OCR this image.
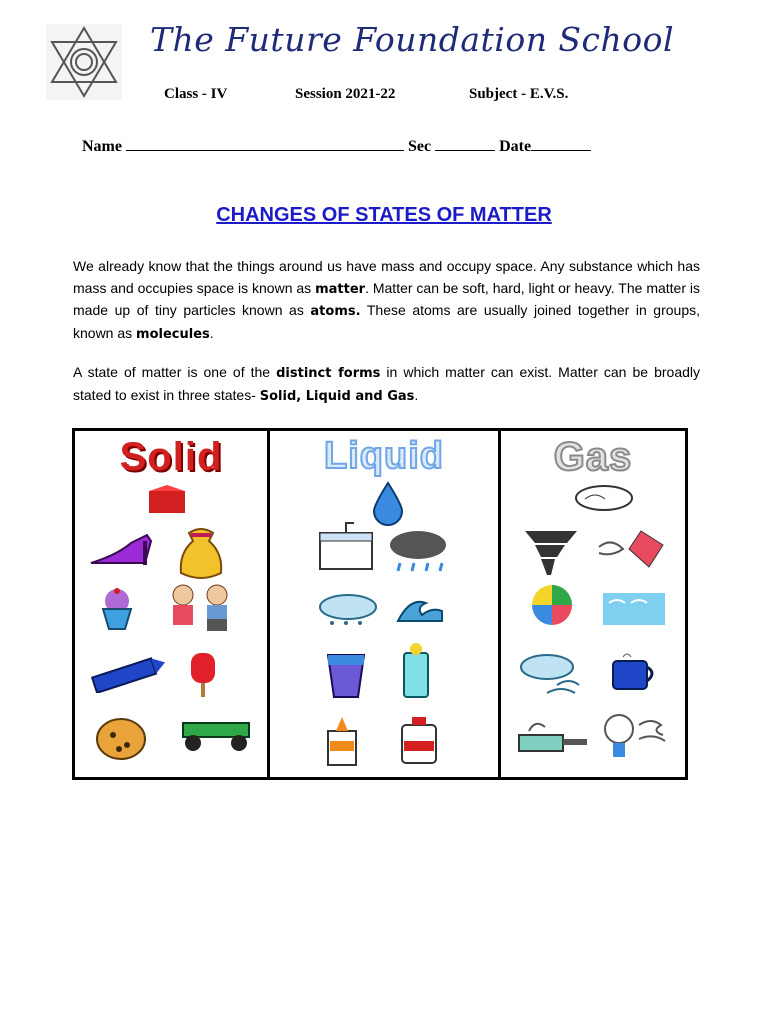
The Future Foundation School
Class - IV	Session 2021-22	Subject - E.V.S.
Name	Sec	Date
CHANGES OF STATES OF MATTER
We already know that the things around us have mass and occupy space. Any substance which has mass and occupies space is known as matter. Matter can be soft, hard, light or heavy. The matter is made up of tiny particles known as atoms. These atoms are usually joined together in groups, known as molecules.
A state of matter is one of the distinct forms in which matter can exist. Matter can be broadly stated to exist in three states- Solid, Liquid and Gas.
Solid	Liquid	Gas
